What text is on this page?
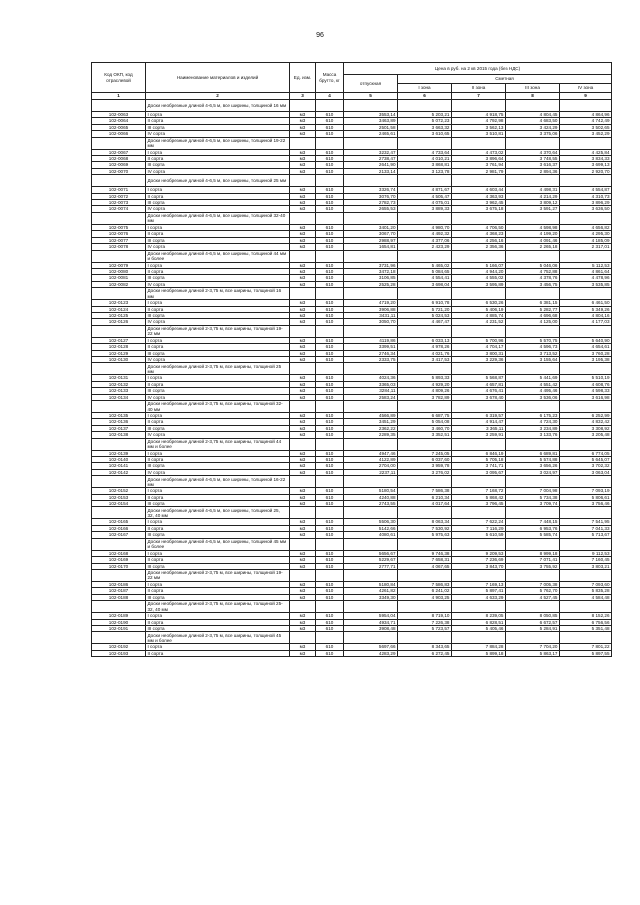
96
Код ОКП, код отраслевой	Наименование материалов и изделий	Ед. изм.	Масса брутто, кг	Цена в руб. на 2 кв 2015 года (без НДС)				
				отпускная	Сметная			
					I зона	II зона	III зона	IV зона
1	2	3	4	5	6	7	8	9
	Доски необрезные длиной 4-6,5 м, все ширины, толщиной 16 мм							
102-0063	I сорта	м3	610	3553,14	5 203,21	4 918,75	4 804,45	4 864,96
102-0064	II сорта	м3	610	3463,89	5 072,23	4 792,98	4 683,50	4 742,49
102-0065	III сорта	м3	610	2501,58	3 663,32	3 562,13	3 424,29	3 502,65
102-0066	IV сорта	м3	610	2465,61	3 610,65	3 510,81	3 375,06	3 452,29
	Доски необрезные длиной 4-6,5 м, все ширины, толщиной 19-22 мм							
102-0067	I сорта	м3	610	3232,47	4 733,64	4 473,02	4 370,64	4 425,84
102-0068	II сорта	м3	610	2738,47	4 010,21	3 896,64	3 748,55	3 834,33
102-0069	III сорта	м3	610	2641,90	3 868,81	3 761,94	3 616,37	3 699,13
102-0070	IV сорта	м3	610	2133,14	3 123,78	2 981,79	2 894,36	2 920,70
	Доски необрезные длиной 4-6,5 м, все ширины, толщиной 25 мм							
102-0071	I сорта	м3	610	3326,74	4 871,67	4 603,44	4 498,31	4 554,87
102-0072	II сорта	м3	610	3076,70	4 505,47	4 363,93	4 214,29	4 310,73
102-0073	III сорта	м3	610	2782,73	4 075,01	3 962,45	3 809,12	3 896,29
102-0074	IV сорта	м3	610	2655,53	3 889,33	3 675,18	3 591,27	3 636,50
	Доски необрезные длиной 4-6,5 м, все ширины, толщиной 32-40 мм							
102-0075	I сорта	м3	610	3401,20	4 980,70	4 706,50	4 598,98	4 656,82
102-0076	II сорта	м3	610	3067,70	4 492,32	4 368,23	4 199,20	4 295,30
102-0077	III сорта	м3	610	2988,97	4 377,06	4 256,16	4 091,46	4 185,09
102-0078	IV сорта	м3	610	1654,81	2 423,29	2 356,36	2 265,18	2 317,01
	Доски необрезные длиной 4-6,5 м, все ширины, толщиной 44 мм и более							
102-0079	I сорта	м3	610	3731,96	5 465,02	5 166,07	5 046,06	5 112,53
102-0080	II сорта	м3	610	3472,18	5 084,65	4 944,20	4 752,88	4 861,64
102-0081	III сорта	м3	610	3106,85	4 554,41	4 555,02	4 378,76	4 478,96
102-0082	IV сорта	м3	610	2525,28	3 698,04	3 595,89	3 456,75	3 535,85
	Доски необрезные длиной 2-3,75 м, все ширины, толщиной 16 мм							
102-0123	I сорта	м3	610	4719,20	6 910,78	6 530,26	6 381,15	6 461,50
102-0124	II сорта	м3	610	3906,88	5 721,20	5 406,19	5 282,77	5 349,26
102-0125	III сорта	м3	610	3431,11	5 024,53	4 885,74	4 696,68	4 804,16
102-0126	IV сорта	м3	610	3050,70	4 467,47	4 231,52	4 125,00	4 177,03
	Доски необрезные длиной 2-3,75 м, все ширины, толщиной 19-22 мм							
102-0127	I сорта	м3	610	4119,86	6 033,13	5 700,96	5 570,75	5 640,90
102-0128	II сорта	м3	610	3399,51	4 978,26	4 704,17	4 596,73	4 654,61
102-0129	III сорта	м3	610	2746,34	4 021,76	3 800,31	3 713,52	3 760,28
102-0130	IV сорта	м3	610	2333,75	3 417,53	3 229,36	3 155,64	3 195,38
	Доски необрезные длиной 2-3,75 м, все ширины, толщиной 25 мм							
102-0131	I сорта	м3	610	4024,36	5 893,33	5 568,87	5 441,69	5 510,19
102-0132	II сорта	м3	610	3365,03	4 929,20	4 657,81	4 551,42	4 608,76
102-0133	III сорта	м3	610	3284,11	4 809,26	4 676,41	4 495,46	4 598,33
102-0134	IV сорта	м3	610	2583,24	3 782,89	3 678,40	3 536,06	3 616,98
	Доски необрезные длиной 2-3,75 м, все ширины, толщиной 32-40 мм							
102-0135	I сорта	м3	610	4566,89	6 687,75	6 319,57	6 175,23	6 252,99
102-0136	II сорта	м3	610	3451,29	5 054,08	4 914,47	4 724,30	4 832,42
102-0137	III сорта	м3	610	2362,22	3 460,70	3 365,11	3 234,89	3 308,92
102-0138	IV сорта	м3	610	2289,35	3 352,51	3 259,91	3 133,76	3 205,48
	Доски необрезные длиной 2-3,75 м, все ширины, толщиной 44 мм и более							
102-0139	I сорта	м3	610	4947,46	7 245,05	6 846,19	6 689,81	6 774,05
102-0140	II сорта	м3	610	4122,89	6 037,60	5 705,18	5 574,88	5 645,07
102-0141	III сорта	м3	610	2704,00	3 959,78	3 741,71	3 656,26	3 702,32
102-0142	IV сорта	м3	610	2237,11	3 276,02	3 095,67	3 024,97	3 063,04
	Доски необрезные длиной 4-6,5 м, все ширины, толщиной 16-22 мм							
102-0152	I сорта	м3	610	5180,54	7 586,38	7 168,72	7 004,98	7 093,19
102-0153	II сорта	м3	610	4240,88	6 210,34	5 868,42	5 734,38	5 806,61
102-0154	III сорта	м3	610	2743,55	4 017,64	3 796,45	3 709,74	3 756,46
	Доски необрезные длиной 4-6,5 м, все ширины, толщиной 25, 32, 40 мм							
102-0165	I сорта	м3	610	5506,30	8 063,34	7 622,24	7 448,15	7 541,95
102-0166	II сорта	м3	610	5142,66	7 530,92	7 116,29	6 953,76	7 041,33
102-0167	III сорта	м3	610	4080,61	5 975,63	5 610,59	5 585,74	5 713,67
	Доски необрезные длиной 4-6,5 м, все ширины, толщиной 45 мм и более							
102-0168	I сорта	м3	610	5656,67	9 746,38	9 209,53	8 999,18	9 112,53
102-0169	II сорта	м3	610	5229,67	7 658,31	7 236,69	7 071,41	7 160,45
102-0170	III сорта	м3	610	2777,71	4 067,65	3 843,70	3 755,92	3 803,21
	Доски необрезные длиной 2-3,75 м, все ширины, толщиной 19-22 мм							
102-0186	I сорта	м3	610	5180,84	7 586,83	7 169,13	7 005,38	7 093,60
102-0187	II сорта	м3	610	4261,82	6 241,02	5 897,41	5 762,70	5 835,28
102-0188	III сорта	м3	610	3349,30	4 903,25	4 633,29	4 527,45	4 584,48
	Доски необрезные длиной 2-3,75 м, все ширины, толщиной 25-32, 40 мм							
102-0189	I сорта	м3	610	5954,04	8 719,10	8 239,05	8 050,85	8 152,26
102-0190	II сорта	м3	610	4934,71	7 226,38	6 828,51	6 672,57	6 756,56
102-0191	III сорта	м3	610	3908,48	5 723,57	5 405,46	5 284,91	5 351,48
	Доски необрезные длиной 2-3,75 м, все ширины, толщиной 45 мм и более							
102-0192	I сорта	м3	610	5697,66	8 343,65	7 884,28	7 704,20	7 801,22
102-0193	II сорта	м3	610	4283,29	6 272,45	5 899,18	5 863,17	5 897,55
